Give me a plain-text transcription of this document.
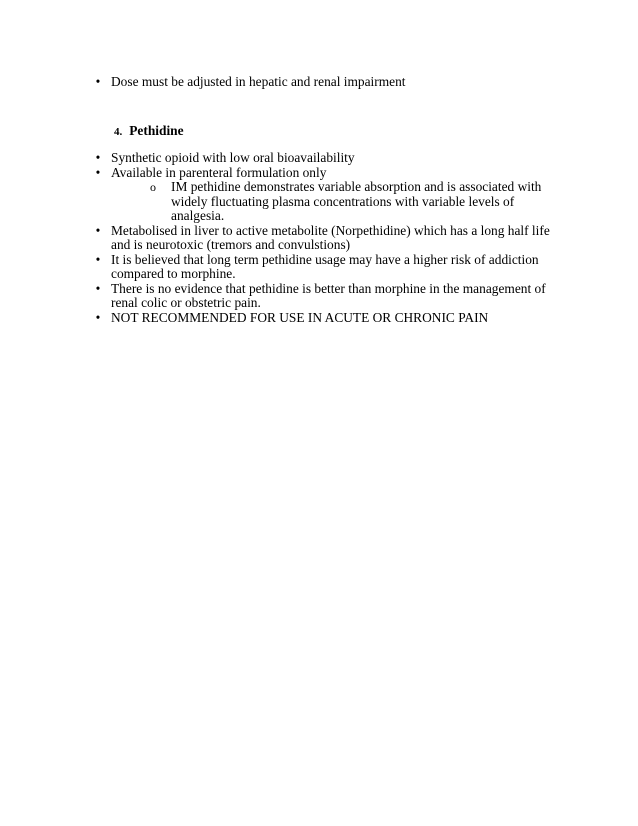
• Dose must be adjusted in hepatic and renal impairment
4. Pethidine
• Synthetic opioid with low oral bioavailability
• Available in parenteral formulation only
o IM pethidine demonstrates variable absorption and is associated with widely fluctuating plasma concentrations with variable levels of analgesia.
• Metabolised in liver to active metabolite (Norpethidine) which has a long half life and is neurotoxic (tremors and convulstions)
• It is believed that long term pethidine usage may have a higher risk of addiction compared to morphine.
• There is no evidence that pethidine is better than morphine in the management of renal colic or obstetric pain.
• NOT RECOMMENDED FOR USE IN ACUTE OR CHRONIC PAIN
